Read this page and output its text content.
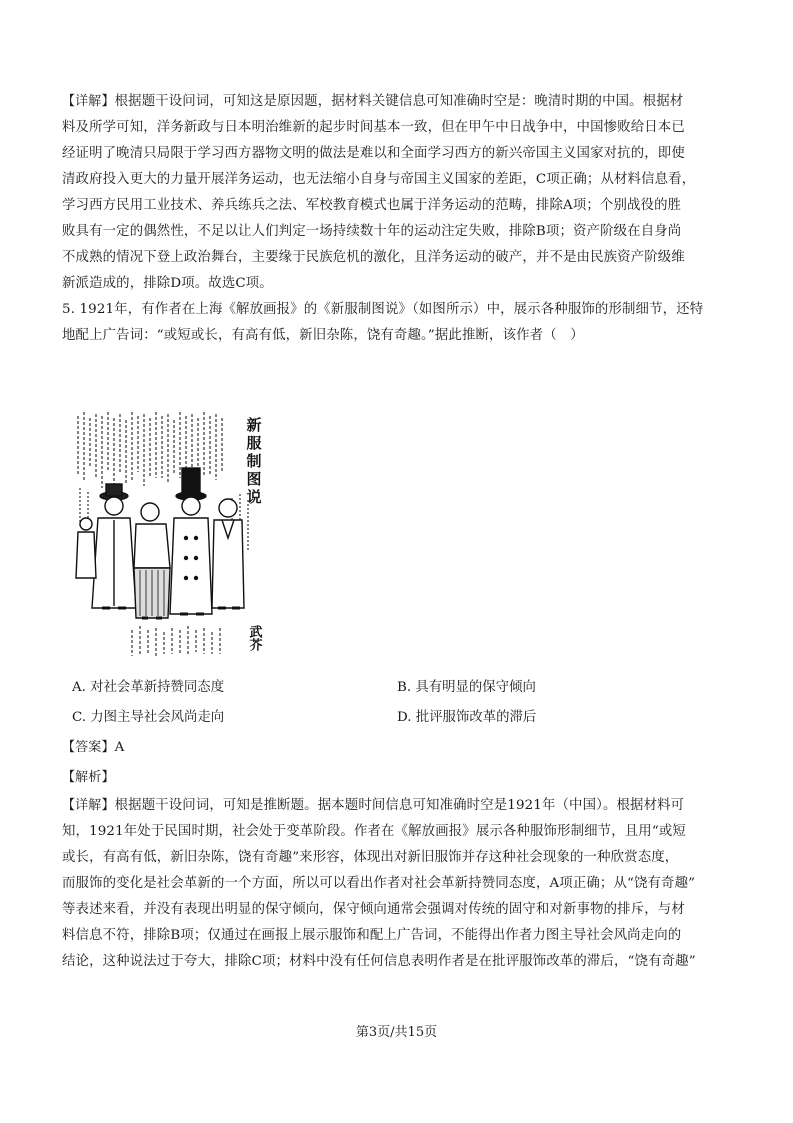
【详解】根据题干设问词，可知这是原因题，据材料关键信息可知准确时空是：晚清时期的中国。根据材
料及所学可知，洋务新政与日本明治维新的起步时间基本一致，但在甲午中日战争中，中国惨败给日本已
经证明了晚清只局限于学习西方器物文明的做法是难以和全面学习西方的新兴帝国主义国家对抗的，即使
清政府投入更大的力量开展洋务运动，也无法缩小自身与帝国主义国家的差距，C项正确；从材料信息看，
学习西方民用工业技术、养兵练兵之法、军校教育模式也属于洋务运动的范畴，排除A项；个别战役的胜
败具有一定的偶然性，不足以让人们判定一场持续数十年的运动注定失败，排除B项；资产阶级在自身尚
不成熟的情况下登上政治舞台，主要缘于民族危机的激化，且洋务运动的破产，并不是由民族资产阶级维
新派造成的，排除D项。故选C项。
5. 1921年，有作者在上海《解放画报》的《新服制图说》（如图所示）中，展示各种服饰的形制细节，还特
地配上广告词：“或短或长，有高有低，新旧杂陈，饶有奇趣。”据此推断，该作者（　）
新
服
制
图
说
武芥
A. 对社会革新持赞同态度	B. 具有明显的保守倾向
C. 力图主导社会风尚走向	D. 批评服饰改革的滞后
【答案】A
【解析】
【详解】根据题干设问词，可知是推断题。据本题时间信息可知准确时空是1921年（中国）。根据材料可
知，1921年处于民国时期，社会处于变革阶段。作者在《解放画报》展示各种服饰形制细节，且用“或短
或长，有高有低，新旧杂陈，饶有奇趣”来形容，体现出对新旧服饰并存这种社会现象的一种欣赏态度，
而服饰的变化是社会革新的一个方面，所以可以看出作者对社会革新持赞同态度，A项正确；从“饶有奇趣”
等表述来看，并没有表现出明显的保守倾向，保守倾向通常会强调对传统的固守和对新事物的排斥，与材
料信息不符，排除B项；仅通过在画报上展示服饰和配上广告词，不能得出作者力图主导社会风尚走向的
结论，这种说法过于夸大，排除C项；材料中没有任何信息表明作者是在批评服饰改革的滞后，“饶有奇趣”
第3页/共15页
